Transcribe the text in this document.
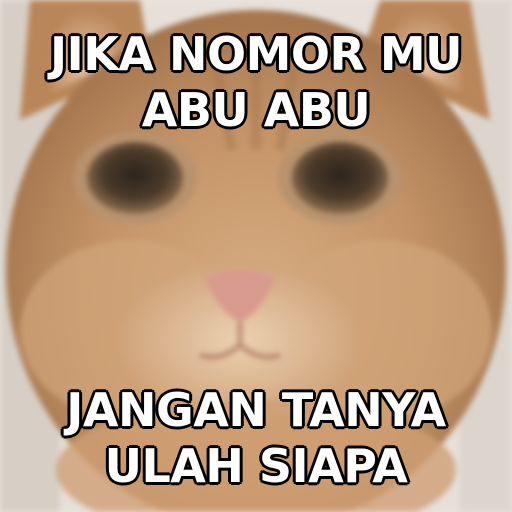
JIKA NOMOR MU
ABU ABU
JANGAN TANYA
ULAH SIAPA
